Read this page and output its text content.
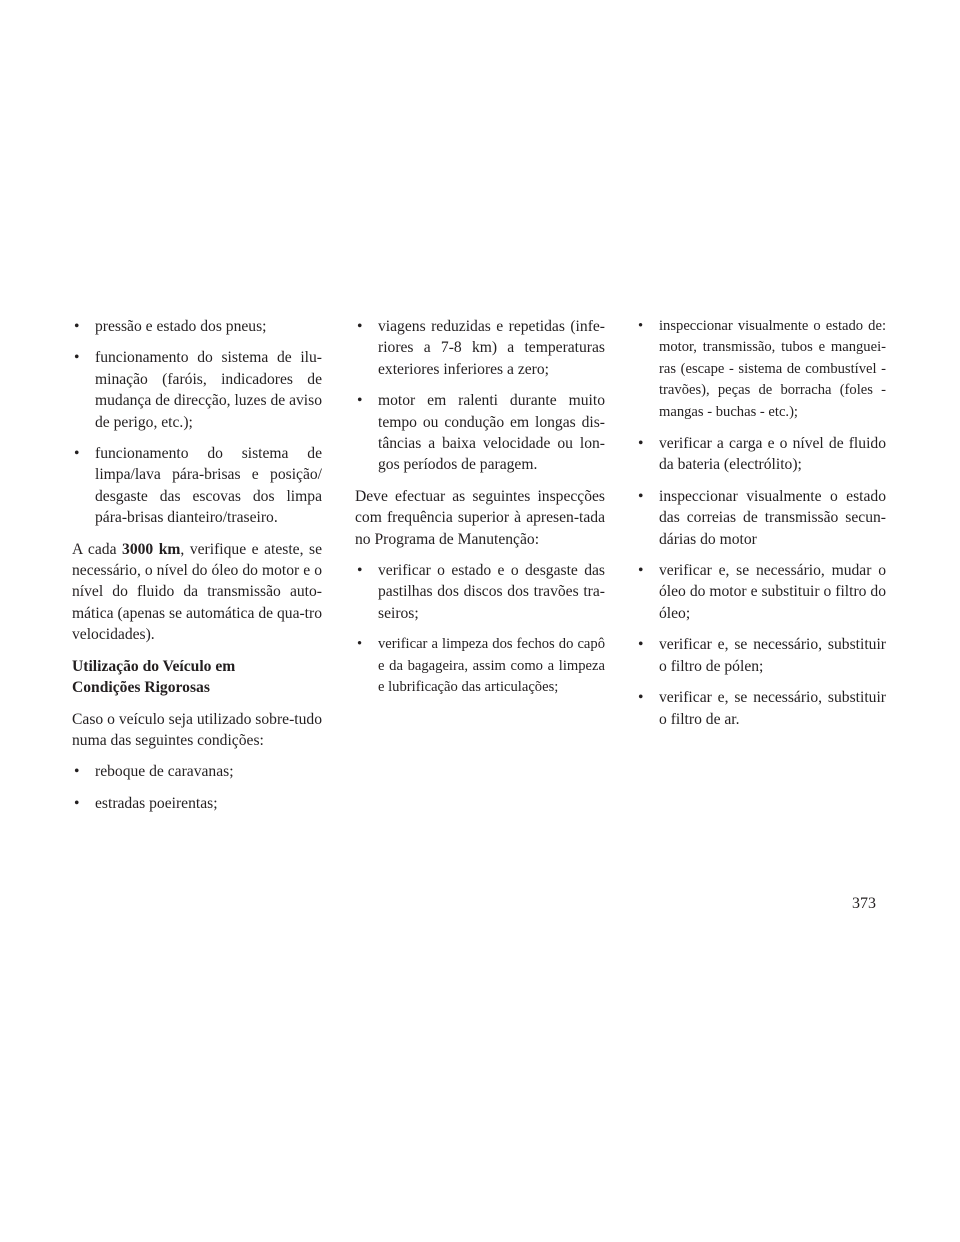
• pressão e estado dos pneus;
• funcionamento do sistema de ilu-minação (faróis, indicadores de mudança de direcção, luzes de aviso de perigo, etc.);
• funcionamento do sistema de limpa/lava pára-brisas e posição/ desgaste das escovas dos limpa pára-brisas dianteiro/traseiro.

A cada 3000 km, verifique e ateste, se necessário, o nível do óleo do motor e o nível do fluido da transmissão auto-mática (apenas se automática de qua-tro velocidades).

Utilização do Veículo em
Condições Rigorosas

Caso o veículo seja utilizado sobre-tudo numa das seguintes condições:

• reboque de caravanas;
• estradas poeirentas;
• viagens reduzidas e repetidas (infe-riores a 7-8 km) a temperaturas exteriores inferiores a zero;
• motor em ralenti durante muito tempo ou condução em longas dis-tâncias a baixa velocidade ou lon-gos períodos de paragem.

Deve efectuar as seguintes inspecções com frequência superior à apresen-tada no Programa de Manutenção:

• verificar o estado e o desgaste das pastilhas dos discos dos travões tra-seiros;
• verificar a limpeza dos fechos do capô e da bagageira, assim como a limpeza e lubrificação das articulações;
• inspeccionar visualmente o estado de: motor, transmissão, tubos e manguei-ras (escape - sistema de combustível - travões), peças de borracha (foles - mangas - buchas - etc.);
• verificar a carga e o nível de fluido da bateria (electrólito);
• inspeccionar visualmente o estado das correias de transmissão secun-dárias do motor
• verificar e, se necessário, mudar o óleo do motor e substituir o filtro do óleo;
• verificar e, se necessário, substituir o filtro de pólen;
• verificar e, se necessário, substituir o filtro de ar.
373
